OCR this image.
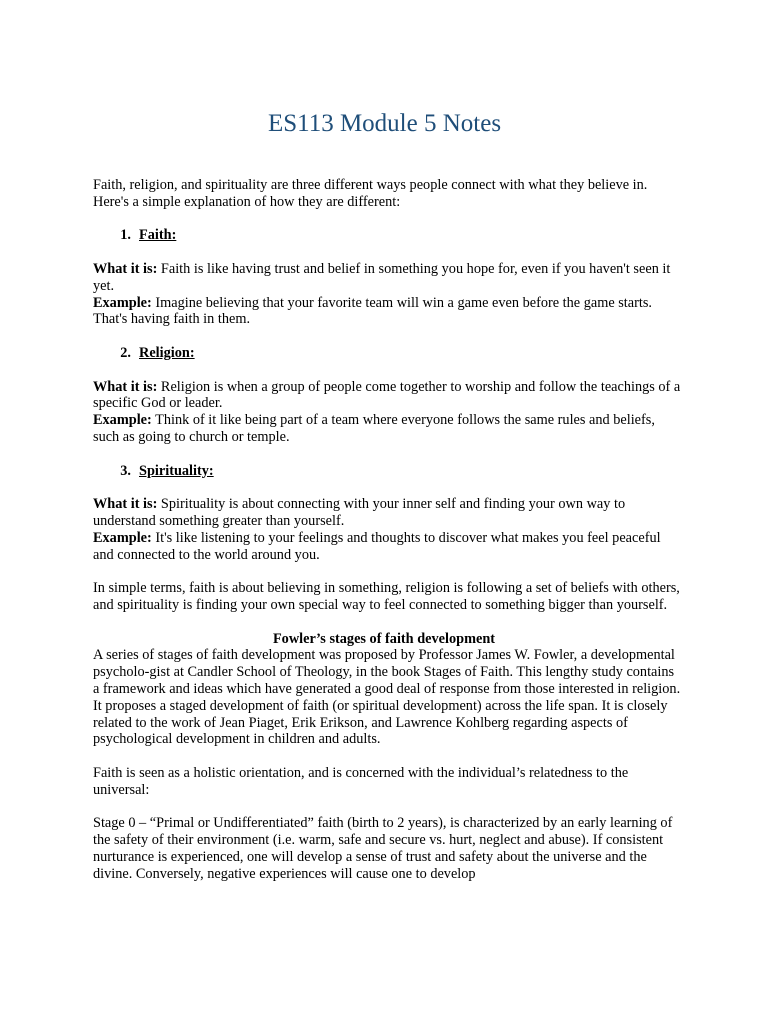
ES113 Module 5 Notes

Faith, religion, and spirituality are three different ways people connect with what they believe in. Here's a simple explanation of how they are different:

1. Faith:

What it is: Faith is like having trust and belief in something you hope for, even if you haven't seen it yet.

Example: Imagine believing that your favorite team will win a game even before the game starts. That's having faith in them.

2. Religion:

What it is: Religion is when a group of people come together to worship and follow the teachings of a specific God or leader.

Example: Think of it like being part of a team where everyone follows the same rules and beliefs, such as going to church or temple.

3. Spirituality:

What it is: Spirituality is about connecting with your inner self and finding your own way to understand something greater than yourself.

Example: It's like listening to your feelings and thoughts to discover what makes you feel peaceful and connected to the world around you.

In simple terms, faith is about believing in something, religion is following a set of beliefs with others, and spirituality is finding your own special way to feel connected to something bigger than yourself.

Fowler’s stages of faith development

A series of stages of faith development was proposed by Professor James W. Fowler, a developmental psycholo-gist at Candler School of Theology, in the book Stages of Faith. This lengthy study contains a framework and ideas which have generated a good deal of response from those interested in religion.

It proposes a staged development of faith (or spiritual development) across the life span. It is closely related to the work of Jean Piaget, Erik Erikson, and Lawrence Kohlberg regarding aspects of psychological development in children and adults.

Faith is seen as a holistic orientation, and is concerned with the individual’s relatedness to the universal:

Stage 0 – “Primal or Undifferentiated” faith (birth to 2 years), is characterized by an early learning of the safety of their environment (i.e. warm, safe and secure vs. hurt, neglect and abuse). If consistent nurturance is experienced, one will develop a sense of trust and safety about the universe and the divine. Conversely, negative experiences will cause one to develop
